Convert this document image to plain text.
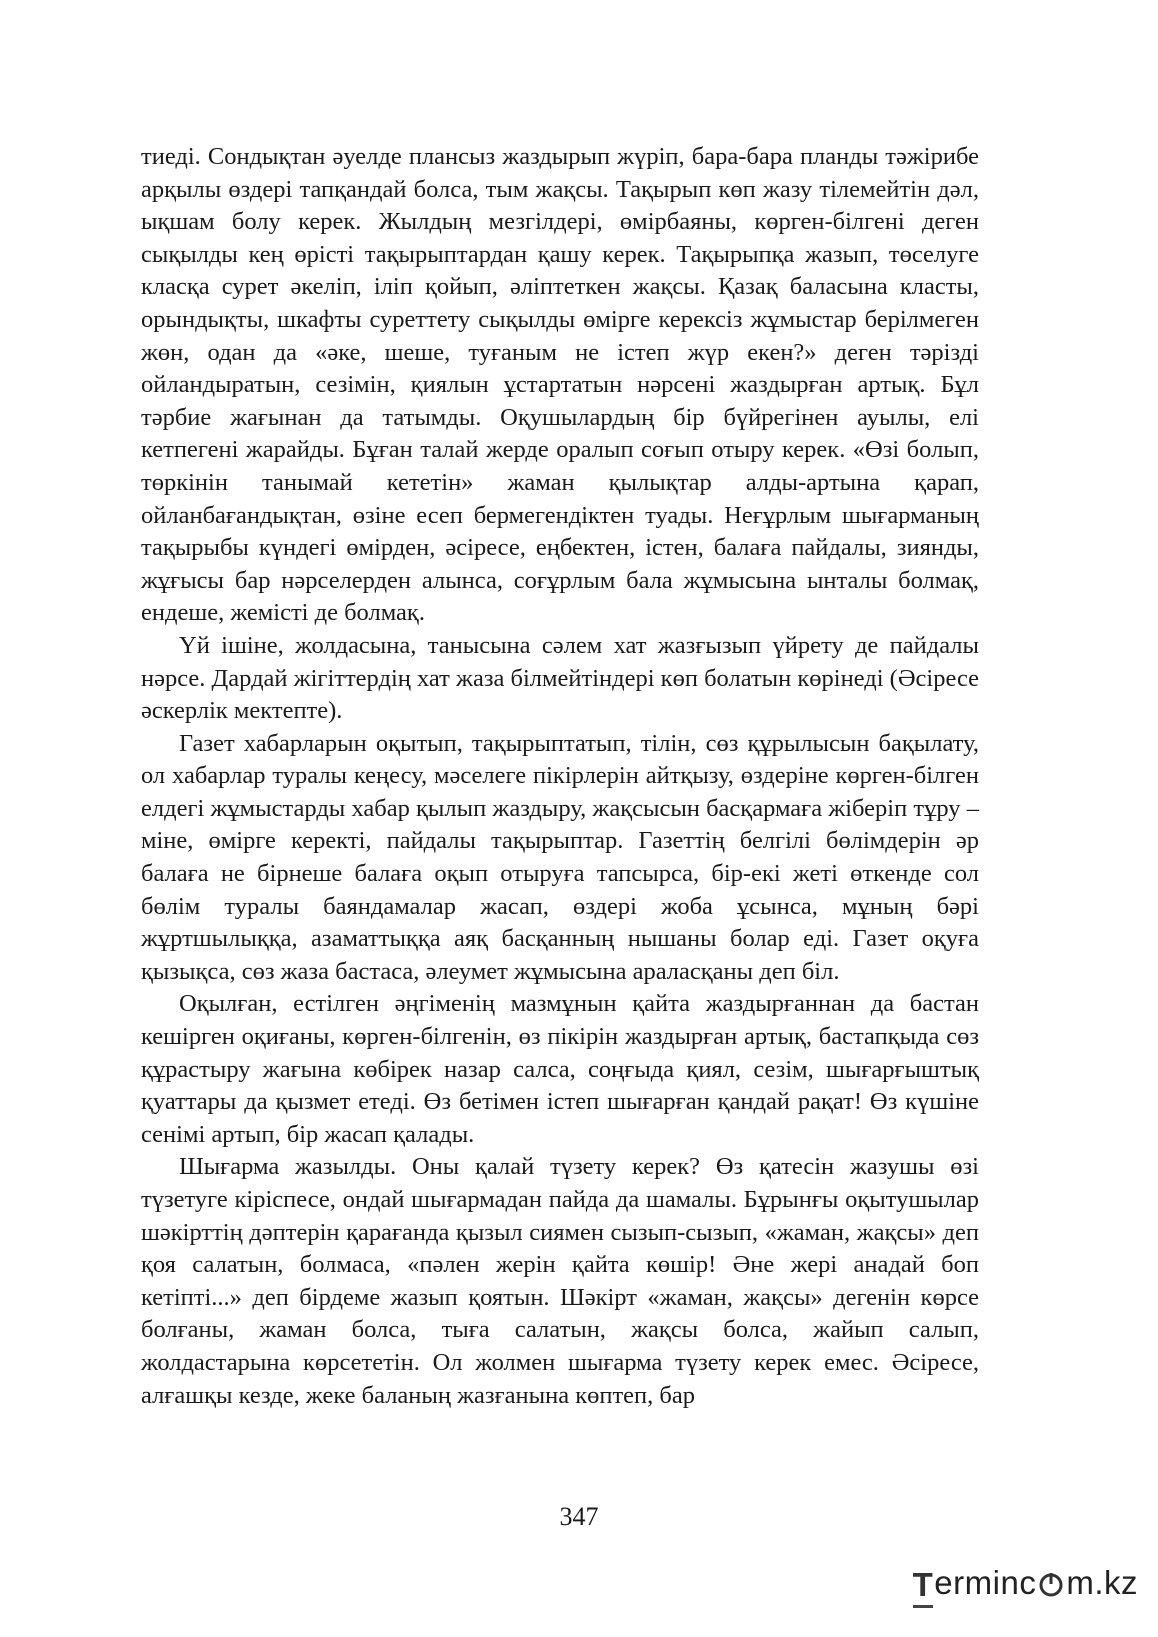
тиеді. Сондықтан әуелде плансыз жаздырып жүріп, бара-бара планды тәжірибе арқылы өздері тапқандай болса, тым жақсы. Тақырып көп жазу тілемейтін дәл, ықшам болу керек. Жылдың мезгілдері, өмірбаяны, көрген-білгені деген сықылды кең өрісті тақырыптардан қашу керек. Тақырыпқа жазып, төселуге класқа сурет әкеліп, іліп қойып, әліптеткен жақсы. Қазақ баласына класты, орындықты, шкафты суреттету сықылды өмірге керексіз жұмыстар берілмеген жөн, одан да «әке, шеше, туғаным не істеп жүр екен?» деген тәрізді ойландыратын, сезімін, қиялын ұстартатын нәрсені жаздырған артық. Бұл тәрбие жағынан да татымды. Оқушылардың бір бүйрегінен ауылы, елі кетпегені жарайды. Бұған талай жерде оралып соғып отыру керек. «Өзі болып, төркінін танымай кететін» жаман қылықтар алды-артына қарап, ойланбағандықтан, өзіне есеп бермегендіктен туады. Неғұрлым шығарманың тақырыбы күндегі өмірден, әсіресе, еңбектен, істен, балаға пайдалы, зиянды, жұғысы бар нәрселерден алынса, соғұрлым бала жұмысына ынталы болмақ, ендеше, жемісті де болмақ.

Үй ішіне, жолдасына, танысына сәлем хат жазғызып үйрету де пайдалы нәрсе. Дардай жігіттердің хат жаза білмейтіндері көп болатын көрінеді (Әсіресе әскерлік мектепте).

Газет хабарларын оқытып, тақырыптатып, тілін, сөз құрылысын бақылату, ол хабарлар туралы кеңесу, мәселеге пікірлерін айтқызу, өздеріне көрген-білген елдегі жұмыстарды хабар қылып жаздыру, жақсысын басқармаға жіберіп тұру – міне, өмірге керекті, пайдалы тақырыптар. Газеттің белгілі бөлімдерін әр балаға не бірнеше балаға оқып отыруға тапсырса, бір-екі жеті өткенде сол бөлім туралы баяндамалар жасап, өздері жоба ұсынса, мұның бәрі жұртшылыққа, азаматтыққа аяқ басқанның нышаны болар еді. Газет оқуға қызықса, сөз жаза бастаса, әлеумет жұмысына араласқаны деп біл.

Оқылған, естілген әңгіменің мазмұнын қайта жаздырғаннан да бастан кешірген оқиғаны, көрген-білгенін, өз пікірін жаздырған артық, бастапқыда сөз құрастыру жағына көбірек назар салса, соңғыда қиял, сезім, шығарғыштық қуаттары да қызмет етеді. Өз бетімен істеп шығарған қандай рақат! Өз күшіне сенімі артып, бір жасап қалады.

Шығарма жазылды. Оны қалай түзету керек? Өз қатесін жазушы өзі түзетуге кіріспесе, ондай шығармадан пайда да шамалы. Бұрынғы оқытушылар шәкірттің дәптерін қарағанда қызыл сиямен сызып-сызып, «жаман, жақсы» деп қоя салатын, болмаса, «пәлен жерін қайта көшір! Әне жері анадай боп кетіпті...» деп бірдеме жазып қоятын. Шәкірт «жаман, жақсы» дегенін көрсе болғаны, жаман болса, тыға салатын, жақсы болса, жайып салып, жолдастарына көрсететін. Ол жолмен шығарма түзету керек емес. Әсіресе, алғашқы кезде, жеке баланың жазғанына көптеп, бар

347
Terminc m.kz
